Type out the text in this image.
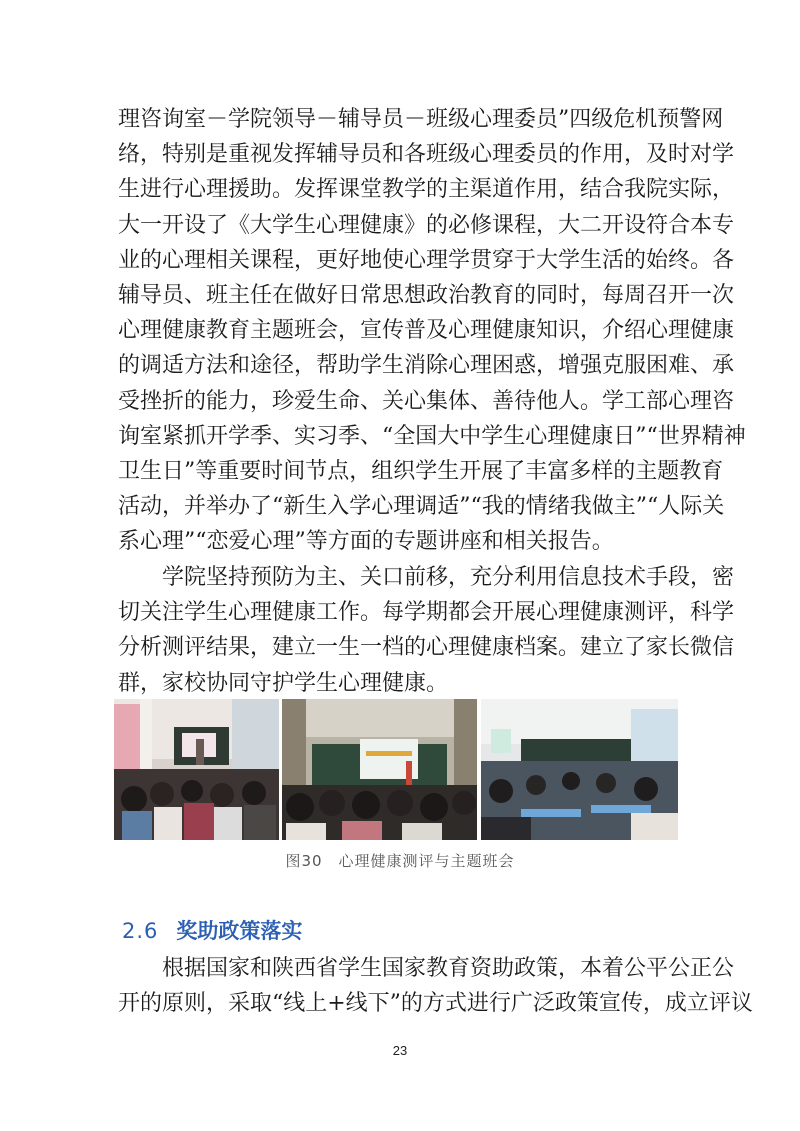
理咨询室－学院领导－辅导员－班级心理委员”四级危机预警网
络，特别是重视发挥辅导员和各班级心理委员的作用，及时对学
生进行心理援助。发挥课堂教学的主渠道作用，结合我院实际，
大一开设了《大学生心理健康》的必修课程，大二开设符合本专
业的心理相关课程，更好地使心理学贯穿于大学生活的始终。各
辅导员、班主任在做好日常思想政治教育的同时，每周召开一次
心理健康教育主题班会，宣传普及心理健康知识，介绍心理健康
的调适方法和途径，帮助学生消除心理困惑，增强克服困难、承
受挫折的能力，珍爱生命、关心集体、善待他人。学工部心理咨
询室紧抓开学季、实习季、“全国大中学生心理健康日”“世界精神
卫生日”等重要时间节点，组织学生开展了丰富多样的主题教育
活动，并举办了“新生入学心理调适”“我的情绪我做主”“人际关
系心理”“恋爱心理”等方面的专题讲座和相关报告。
学院坚持预防为主、关口前移，充分利用信息技术手段，密
切关注学生心理健康工作。每学期都会开展心理健康测评，科学
分析测评结果，建立一生一档的心理健康档案。建立了家长微信
群，家校协同守护学生心理健康。
图30　心理健康测评与主题班会
2.6 奖助政策落实
根据国家和陕西省学生国家教育资助政策，本着公平公正公
开的原则，采取“线上+线下”的方式进行广泛政策宣传，成立评议
23
